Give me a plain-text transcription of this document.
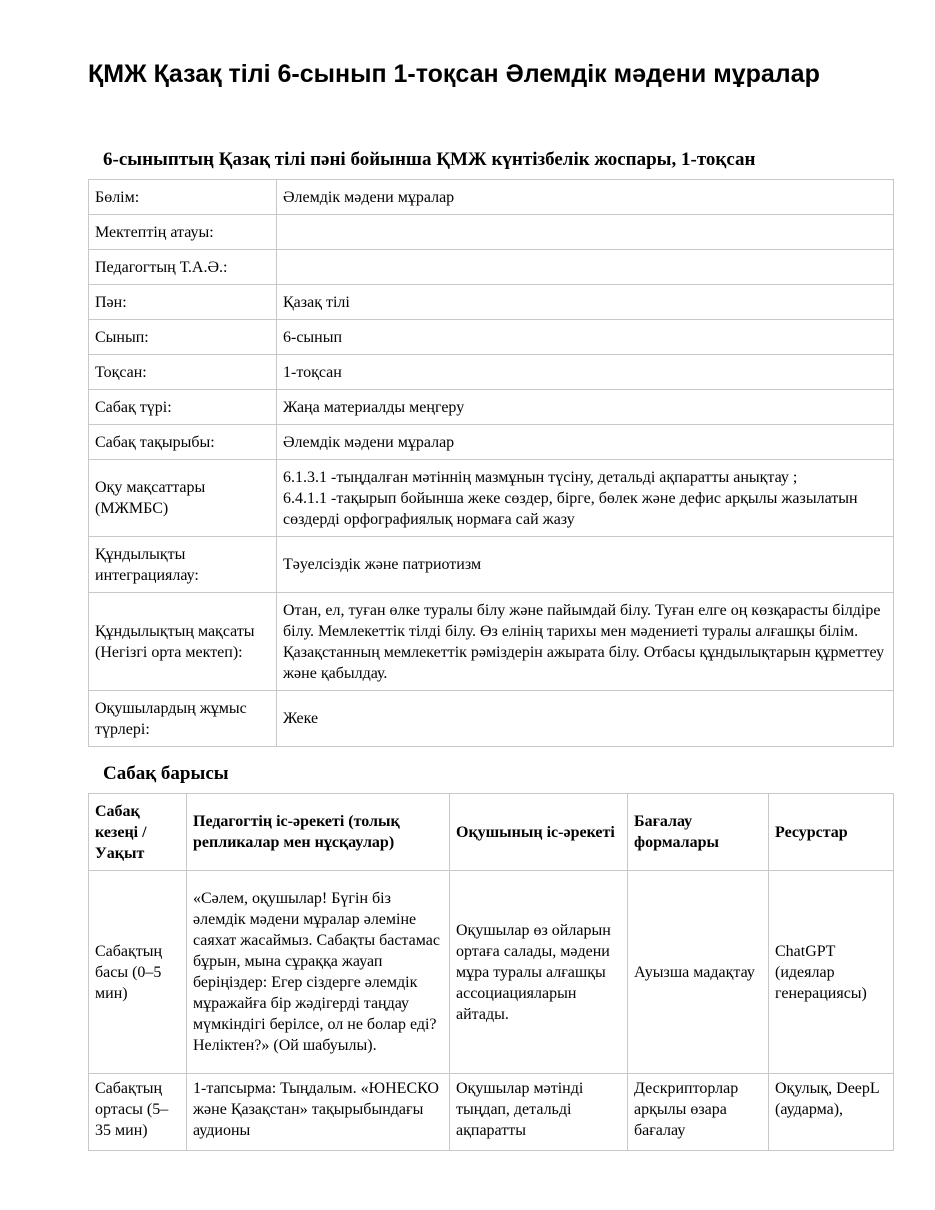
ҚМЖ Қазақ тілі 6-сынып 1-тоқсан Әлемдік мәдени мұралар
6-сыныптың Қазақ тілі пәні бойынша ҚМЖ күнтізбелік жоспары, 1-тоқсан
Бөлім:	Әлемдік мәдени мұралар
Мектептің атауы:	
Педагогтың Т.А.Ә.:	
Пән:	Қазақ тілі
Сынып:	6-сынып
Тоқсан:	1-тоқсан
Сабақ түрі:	Жаңа материалды меңгеру
Сабақ тақырыбы:	Әлемдік мәдени мұралар
Оқу мақсаттары (МЖМБС)	6.1.3.1 -тыңдалған мәтіннің мазмұнын түсіну, детальді ақпаратты анықтау ;
6.4.1.1 -тақырып бойынша жеке сөздер, бірге, бөлек және дефис арқылы жазылатын сөздерді орфографиялық нормаға сай жазу
Құндылықты интеграциялау:	Тәуелсіздік және патриотизм
Құндылықтың мақсаты (Негізгі орта мектеп):	Отан, ел, туған өлке туралы білу және пайымдай білу. Туған елге оң көзқарасты білдіре білу. Мемлекеттік тілді білу. Өз елінің тарихы мен мәдениеті туралы алғашқы білім. Қазақстанның мемлекеттік рәміздерін ажырата білу. Отбасы құндылықтарын құрметтеу және қабылдау.
Оқушылардың жұмыс түрлері:	Жеке
Сабақ барысы
Сабақ кезеңі / Уақыт	Педагогтің іс-әрекеті (толық репликалар мен нұсқаулар)	Оқушының іс-әрекеті	Бағалау формалары	Ресурстар
Сабақтың басы (0–5 мин)	«Сәлем, оқушылар! Бүгін біз әлемдік мәдени мұралар әлеміне саяхат жасаймыз. Сабақты бастамас бұрын, мына сұраққа жауап беріңіздер: Егер сіздерге әлемдік мұражайға бір жәдігерді таңдау мүмкіндігі берілсе, ол не болар еді? Неліктен?» (Ой шабуылы).	Оқушылар өз ойларын ортаға салады, мәдени мұра туралы алғашқы ассоциацияларын айтады.	Ауызша мадақтау	ChatGPT (идеялар генерациясы)
Сабақтың ортасы (5–35 мин)	1-тапсырма: Тыңдалым. «ЮНЕСКО және Қазақстан» тақырыбындағы аудионы	Оқушылар мәтінді тыңдап, детальді ақпаратты	Дескрипторлар арқылы өзара бағалау	Оқулық, DeepL (аударма),
